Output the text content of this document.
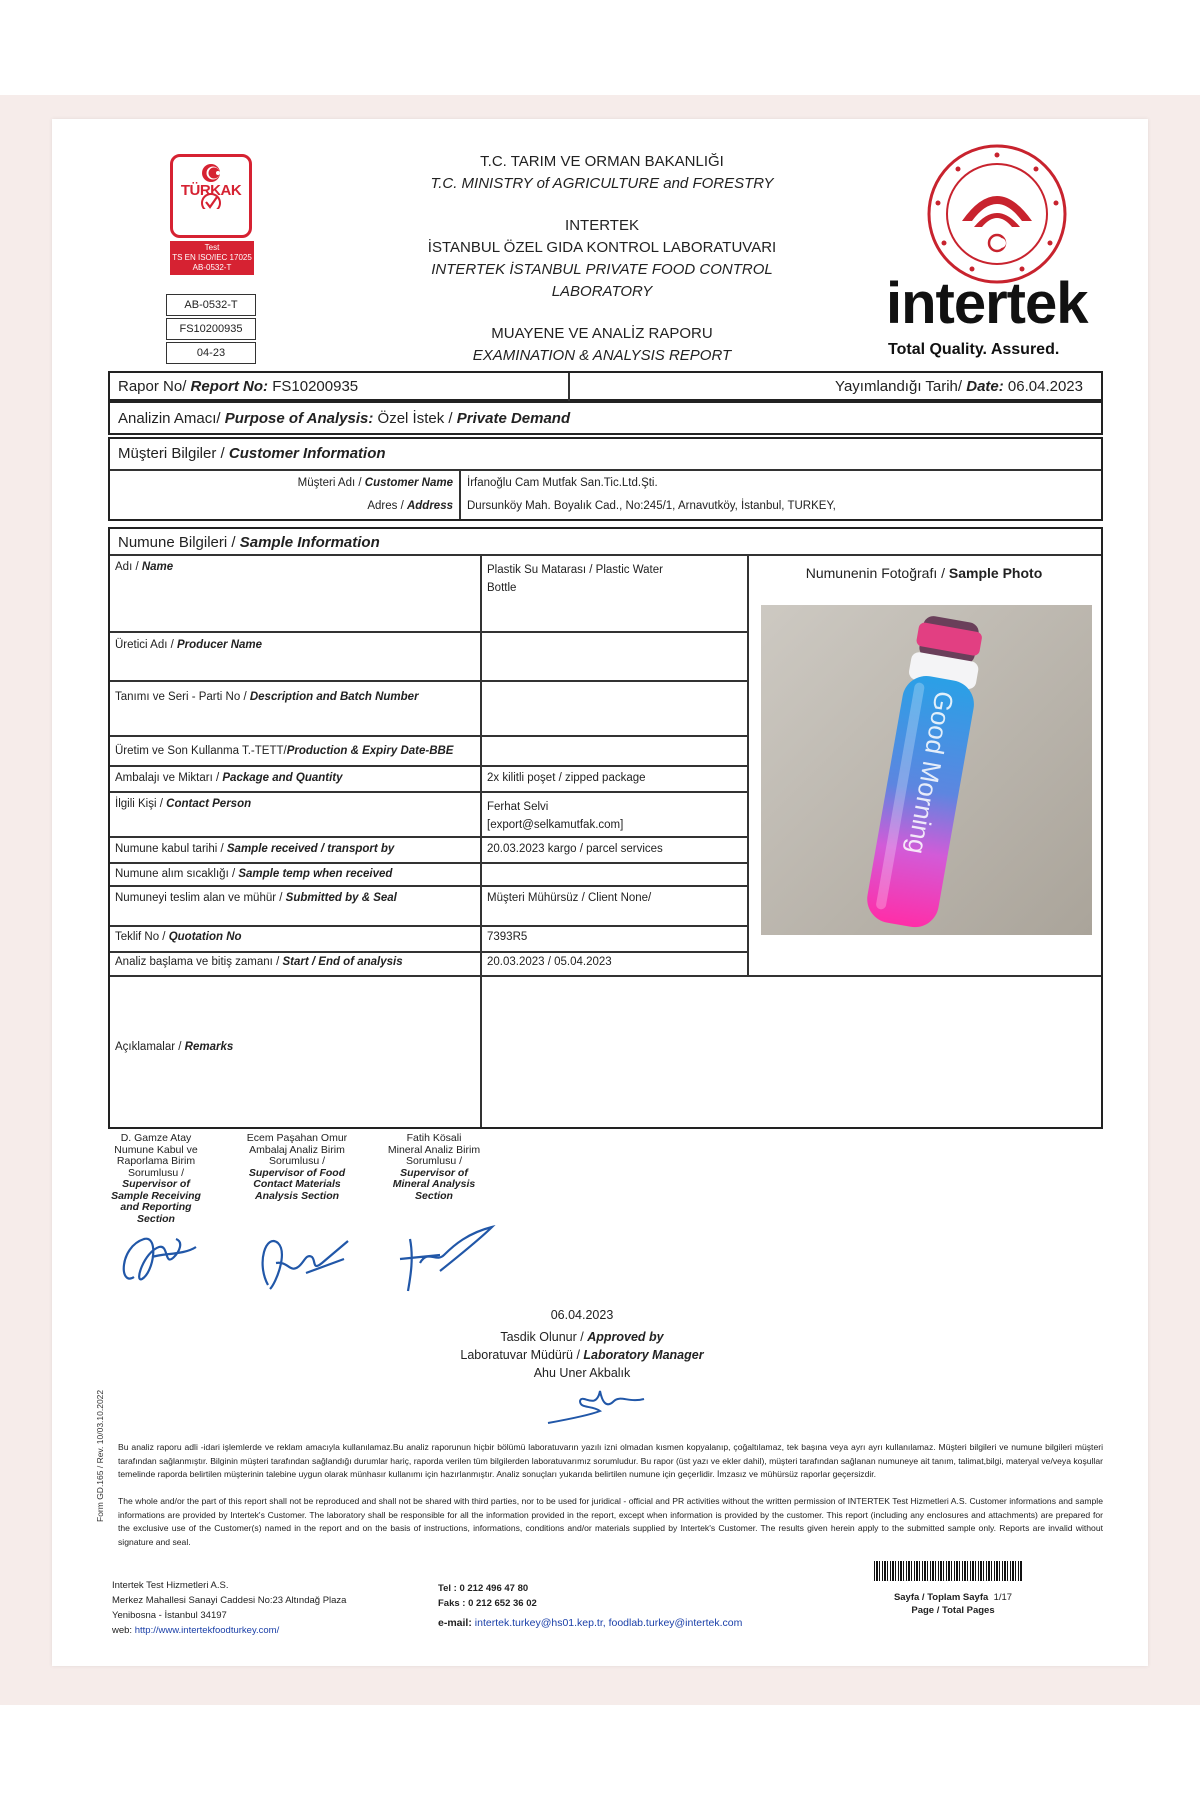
TÜRKAK
Test
TS EN ISO/IEC 17025
AB-0532-T
AB-0532-T
FS10200935
04-23
T.C. TARIM VE ORMAN BAKANLIĞI
T.C. MINISTRY of AGRICULTURE and FORESTRY
INTERTEK
İSTANBUL ÖZEL GIDA KONTROL LABORATUVARI
INTERTEK İSTANBUL PRIVATE FOOD CONTROL
LABORATORY
MUAYENE VE ANALİZ RAPORU
EXAMINATION & ANALYSIS REPORT
intertek
Total Quality. Assured.
Rapor No/ Report No: FS10200935	Yayımlandığı Tarih/ Date: 06.04.2023
Analizin Amacı/ Purpose of Analysis: Özel İstek / Private Demand
Müşteri Bilgiler / Customer Information
Müşteri Adı / Customer Name İrfanoğlu Cam Mutfak San.Tic.Ltd.Şti.
Adres / Address Dursunköy Mah. Boyalık Cad., No:245/1, Arnavutköy, İstanbul, TURKEY,
Numune Bilgileri / Sample Information
Adı / Name	Plastik Su Matarası / Plastic Water
Bottle
Üretici Adı / Producer Name
Tanımı ve Seri - Parti No / Description and Batch Number
Üretim ve Son Kullanma T.-TETT/Production & Expiry Date-BBE
Ambalajı ve Miktarı / Package and Quantity	2x kilitli poşet / zipped package
İlgili Kişi / Contact Person	Ferhat Selvi
[export@selkamutfak.com]
Numune kabul tarihi / Sample received / transport by	20.03.2023 kargo / parcel services
Numune alım sıcaklığı / Sample temp when received
Numuneyi teslim alan ve mühür / Submitted by & Seal	Müşteri Mühürsüz / Client None/
Teklif No / Quotation No	7393R5
Analiz başlama ve bitiş zamanı / Start / End of analysis	20.03.2023 / 05.04.2023
Açıklamalar / Remarks
Numunenin Fotoğrafı / Sample Photo
Good Morning
D. Gamze Atay
Numune Kabul ve
Raporlama Birim
Sorumlusu /
Supervisor of
Sample Receiving
and Reporting
Section
Ecem Paşahan Omur
Ambalaj Analiz Birim
Sorumlusu /
Supervisor of Food
Contact Materials
Analysis Section
Fatih Kösali
Mineral Analiz Birim
Sorumlusu /
Supervisor of
Mineral Analysis
Section
06.04.2023
Tasdik Olunur / Approved by
Laboratuvar Müdürü / Laboratory Manager
Ahu Uner Akbalık
Form GD.165 / Rev. 10/03.10.2022 Bu analiz raporu adli -idari işlemlerde ve reklam amacıyla kullanılamaz.Bu analiz raporunun hiçbir bölümü laboratuvarın yazılı izni olmadan kısmen kopyalanıp, çoğaltılamaz, tek başına veya ayrı ayrı kullanılamaz. Müşteri bilgileri ve numune bilgileri müşteri tarafından sağlanmıştır. Bilginin müşteri tarafından sağlandığı durumlar hariç, raporda verilen tüm bilgilerden laboratuvarımız sorumludur. Bu rapor (üst yazı ve ekler dahil), müşteri tarafından sağlanan numuneye ait tanım, talimat,bilgi, materyal ve/veya koşullar temelinde raporda belirtilen müşterinin talebine uygun olarak münhasır kullanımı için hazırlanmıştır. Analiz sonuçları yukarıda belirtilen numune için geçerlidir. İmzasız ve mühürsüz raporlar geçersizdir.
The whole and/or the part of this report shall not be reproduced and shall not be shared with third parties, nor to be used for juridical - official and PR activities without the written permission of INTERTEK Test Hizmetleri A.S. Customer informations and sample informations are provided by Intertek's Customer. The laboratory shall be responsible for all the information provided in the report, except when information is provided by the customer. This report (including any enclosures and attachments) are prepared for the exclusive use of the Customer(s) named in the report and on the basis of instructions, informations, conditions and/or materials supplied by Intertek's Customer. The results given herein apply to the submitted sample only. Reports are invalid without signature and seal.
Intertek Test Hizmetleri A.S.
Merkez Mahallesi Sanayi Caddesi No:23 Altındağ Plaza
Yenibosna - İstanbul 34197
web: http://www.intertekfoodturkey.com/
Tel : 0 212 496 47 80
Faks : 0 212 652 36 02
e-mail: intertek.turkey@hs01.kep.tr, foodlab.turkey@intertek.com
Sayfa / Toplam Sayfa 1/17
Page / Total Pages
